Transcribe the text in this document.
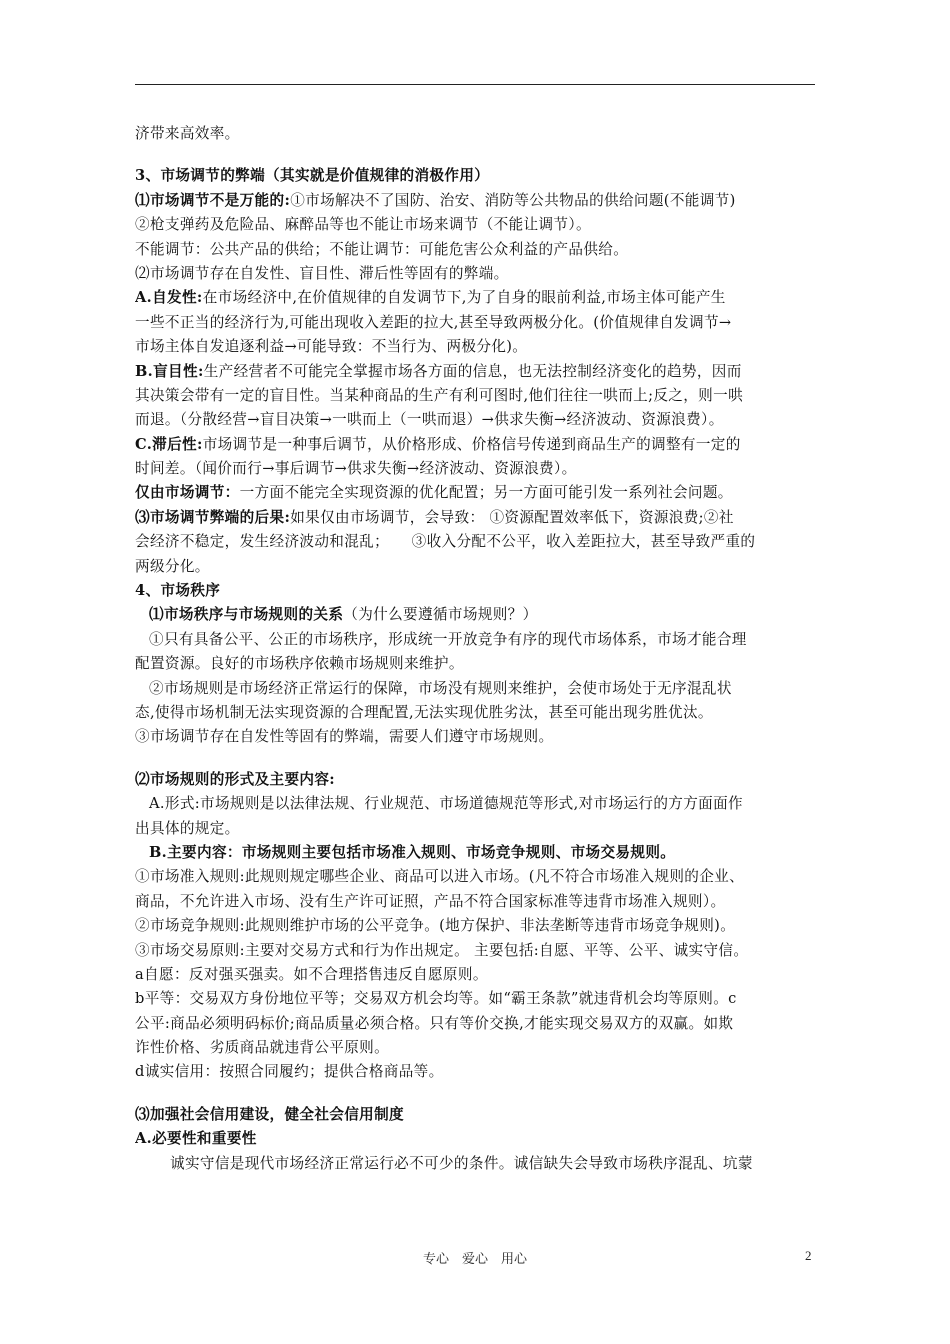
济带来高效率。
3、市场调节的弊端（其实就是价值规律的消极作用）
⑴市场调节不是万能的:①市场解决不了国防、治安、消防等公共物品的供给问题(不能调节)
②枪支弹药及危险品、麻醉品等也不能让市场来调节（不能让调节）。
不能调节：公共产品的供给；不能让调节：可能危害公众利益的产品供给。
⑵市场调节存在自发性、盲目性、滞后性等固有的弊端。
A.自发性:在市场经济中,在价值规律的自发调节下,为了自身的眼前利益,市场主体可能产生
一些不正当的经济行为,可能出现收入差距的拉大,甚至导致两极分化。(价值规律自发调节→
市场主体自发追逐利益→可能导致：不当行为、两极分化)。
B.盲目性:生产经营者不可能完全掌握市场各方面的信息，也无法控制经济变化的趋势，因而
其决策会带有一定的盲目性。当某种商品的生产有利可图时,他们往往一哄而上;反之，则一哄
而退。（分散经营→盲目决策→一哄而上（一哄而退）→供求失衡→经济波动、资源浪费）。
C.滞后性:市场调节是一种事后调节，从价格形成、价格信号传递到商品生产的调整有一定的
时间差。（闻价而行→事后调节→供求失衡→经济波动、资源浪费）。
仅由市场调节：一方面不能完全实现资源的优化配置；另一方面可能引发一系列社会问题。
⑶市场调节弊端的后果:如果仅由市场调节，会导致： ①资源配置效率低下，资源浪费;②社
会经济不稳定，发生经济波动和混乱；　　③收入分配不公平，收入差距拉大，甚至导致严重的
两级分化。
4、市场秩序
⑴市场秩序与市场规则的关系（为什么要遵循市场规则？）
①只有具备公平、公正的市场秩序，形成统一开放竞争有序的现代市场体系，市场才能合理
配置资源。良好的市场秩序依赖市场规则来维护。
②市场规则是市场经济正常运行的保障，市场没有规则来维护，会使市场处于无序混乱状
态,使得市场机制无法实现资源的合理配置,无法实现优胜劣汰，甚至可能出现劣胜优汰。
③市场调节存在自发性等固有的弊端，需要人们遵守市场规则。
⑵市场规则的形式及主要内容:
A.形式:市场规则是以法律法规、行业规范、市场道德规范等形式,对市场运行的方方面面作
出具体的规定。
B.主要内容：市场规则主要包括市场准入规则、市场竞争规则、市场交易规则。
①市场准入规则:此规则规定哪些企业、商品可以进入市场。(凡不符合市场准入规则的企业、
商品，不允许进入市场、没有生产许可证照，产品不符合国家标准等违背市场准入规则）。
②市场竞争规则:此规则维护市场的公平竞争。(地方保护、非法垄断等违背市场竞争规则)。
③市场交易原则:主要对交易方式和行为作出规定。 主要包括:自愿、平等、公平、诚实守信。
a自愿：反对强买强卖。如不合理搭售违反自愿原则。
b平等：交易双方身份地位平等；交易双方机会均等。如“霸王条款”就违背机会均等原则。c
公平:商品必须明码标价;商品质量必须合格。只有等价交换,才能实现交易双方的双赢。如欺
诈性价格、劣质商品就违背公平原则。
d诚实信用：按照合同履约；提供合格商品等。
⑶加强社会信用建设，健全社会信用制度
A.必要性和重要性
诚实守信是现代市场经济正常运行必不可少的条件。诚信缺失会导致市场秩序混乱、坑蒙
专心　爱心　用心	2
